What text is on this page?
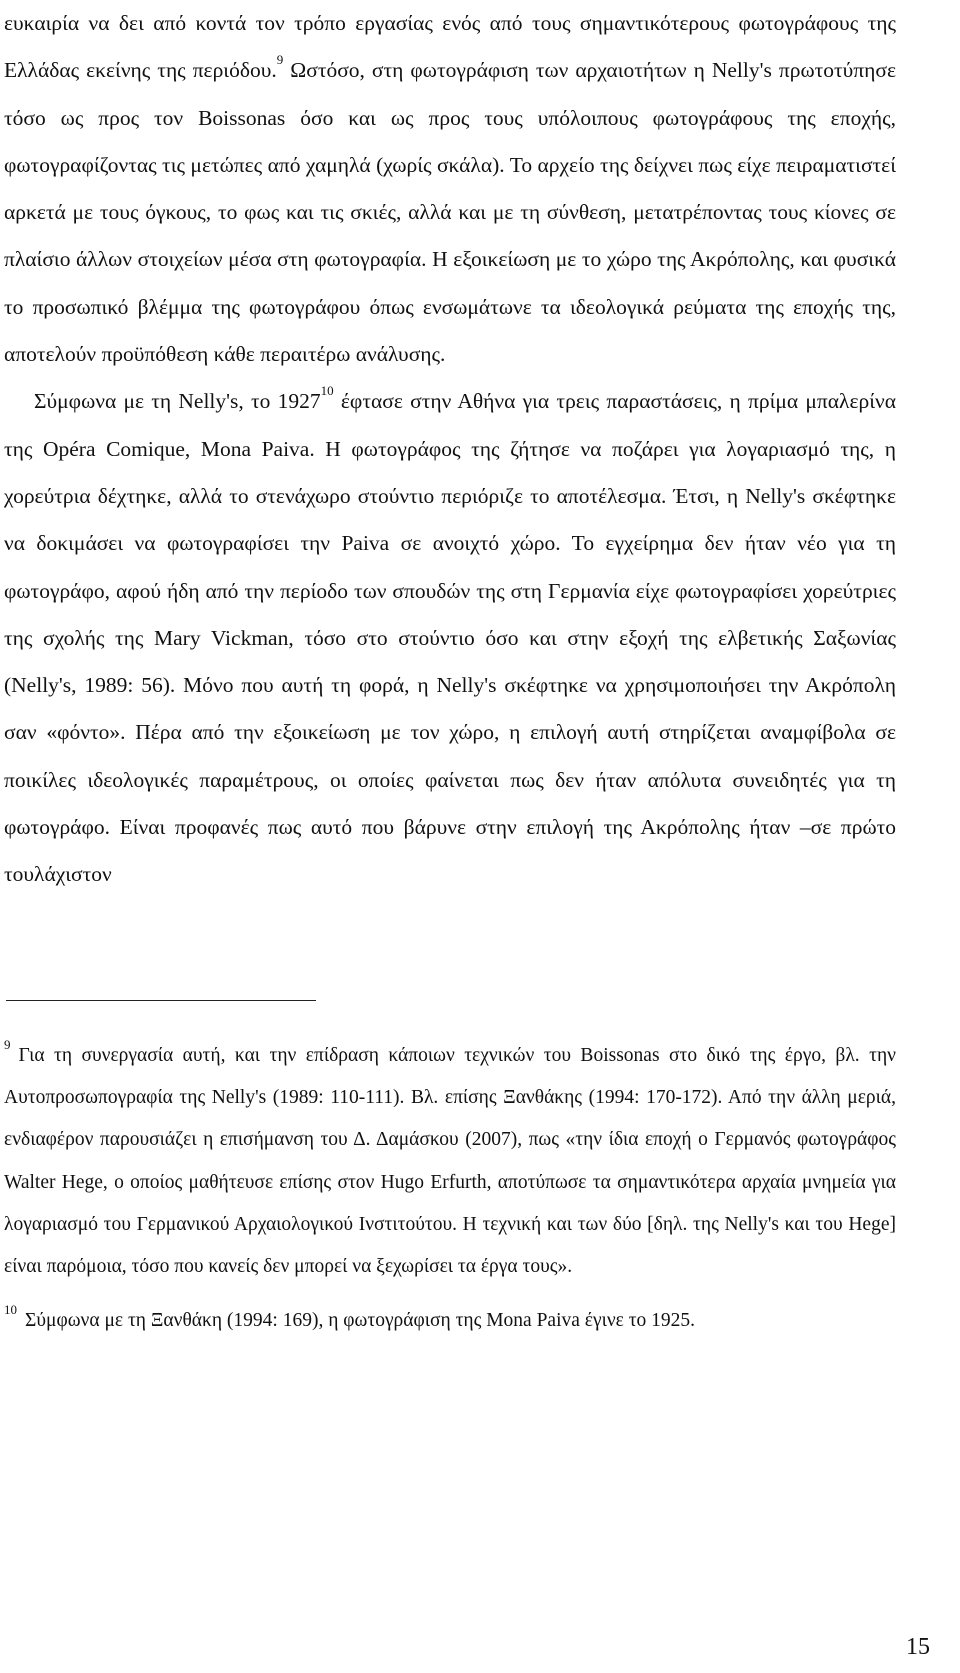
ευκαιρία να δει από κοντά τον τρόπο εργασίας ενός από τους σημαντικότερους φωτογράφους της Ελλάδας εκείνης της περιόδου.$^9$ Ωστόσο, στη φωτογράφιση των αρχαιοτήτων η Nelly's πρωτοτύπησε τόσο ως προς τον Boissonas όσο και ως προς τους υπόλοιπους φωτογράφους της εποχής, φωτογραφίζοντας τις μετώπες από χαμηλά (χωρίς σκάλα). Το αρχείο της δείχνει πως είχε πειραματιστεί αρκετά με τους όγκους, το φως και τις σκιές, αλλά και με τη σύνθεση, μετατρέποντας τους κίονες σε πλαίσιο άλλων στοιχείων μέσα στη φωτογραφία. Η εξοικείωση με το χώρο της Ακρόπολης, και φυσικά το προσωπικό βλέμμα της φωτογράφου όπως ενσωμάτωνε τα ιδεολογικά ρεύματα της εποχής της, αποτελούν προϋπόθεση κάθε περαιτέρω ανάλυσης.

Σύμφωνα με τη Nelly's, το 1927$^{10}$ έφτασε στην Αθήνα για τρεις παραστάσεις, η πρίμα μπαλερίνα της Opéra Comique, Mona Paiva. Η φωτογράφος της ζήτησε να ποζάρει για λογαριασμό της, η χορεύτρια δέχτηκε, αλλά το στενάχωρο στούντιο περιόριζε το αποτέλεσμα. Έτσι, η Nelly's σκέφτηκε να δοκιμάσει να φωτογραφίσει την Paiva σε ανοιχτό χώρο. Το εγχείρημα δεν ήταν νέο για τη φωτογράφο, αφού ήδη από την περίοδο των σπουδών της στη Γερμανία είχε φωτογραφίσει χορεύτριες της σχολής της Mary Vickman, τόσο στο στούντιο όσο και στην εξοχή της ελβετικής Σαξωνίας (Nelly's, 1989: 56). Μόνο που αυτή τη φορά, η Nelly's σκέφτηκε να χρησιμοποιήσει την Ακρόπολη σαν «φόντο». Πέρα από την εξοικείωση με τον χώρο, η επιλογή αυτή στηρίζεται αναμφίβολα σε ποικίλες ιδεολογικές παραμέτρους, οι οποίες φαίνεται πως δεν ήταν απόλυτα συνειδητές για τη φωτογράφο. Είναι προφανές πως αυτό που βάρυνε στην επιλογή της Ακρόπολης ήταν –σε πρώτο τουλάχιστον

$^9$Για τη συνεργασία αυτή, και την επίδραση κάποιων τεχνικών του Boissonas στο δικό της έργο, βλ. την Αυτοπροσωπογραφία της Nelly's (1989: 110-111). Βλ. επίσης Ξανθάκης (1994: 170-172). Από την άλλη μεριά, ενδιαφέρον παρουσιάζει η επισήμανση του Δ. Δαμάσκου (2007), πως «την ίδια εποχή ο Γερμανός φωτογράφος Walter Hege, ο οποίος μαθήτευσε επίσης στον Hugo Erfurth, αποτύπωσε τα σημαντικότερα αρχαία μνημεία για λογαριασμό του Γερμανικού Αρχαιολογικού Ινστιτούτου. Η τεχνική και των δύο [δηλ. της Nelly's και του Hege] είναι παρόμοια, τόσο που κανείς δεν μπορεί να ξεχωρίσει τα έργα τους».

$^{10}$Σύμφωνα με τη Ξανθάκη (1994: 169), η φωτογράφιση της Mona Paiva έγινε το 1925.

15
